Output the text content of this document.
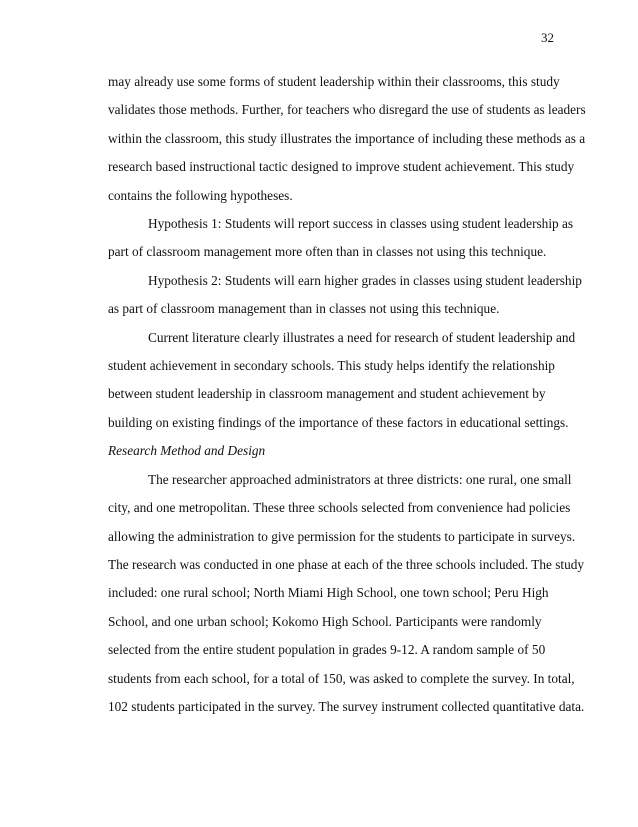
32
may already use some forms of student leadership within their classrooms, this study
validates those methods. Further, for teachers who disregard the use of students as leaders
within the classroom, this study illustrates the importance of including these methods as a
research based instructional tactic designed to improve student achievement. This study
contains the following hypotheses.
Hypothesis 1: Students will report success in classes using student leadership as
part of classroom management more often than in classes not using this technique.
Hypothesis 2: Students will earn higher grades in classes using student leadership
as part of classroom management than in classes not using this technique.
Current literature clearly illustrates a need for research of student leadership and
student achievement in secondary schools. This study helps identify the relationship
between student leadership in classroom management and student achievement by
building on existing findings of the importance of these factors in educational settings.
Research Method and Design
The researcher approached administrators at three districts: one rural, one small
city, and one metropolitan. These three schools selected from convenience had policies
allowing the administration to give permission for the students to participate in surveys.
The research was conducted in one phase at each of the three schools included. The study
included: one rural school; North Miami High School, one town school; Peru High
School, and one urban school; Kokomo High School. Participants were randomly
selected from the entire student population in grades 9-12. A random sample of 50
students from each school, for a total of 150, was asked to complete the survey. In total,
102 students participated in the survey. The survey instrument collected quantitative data.
